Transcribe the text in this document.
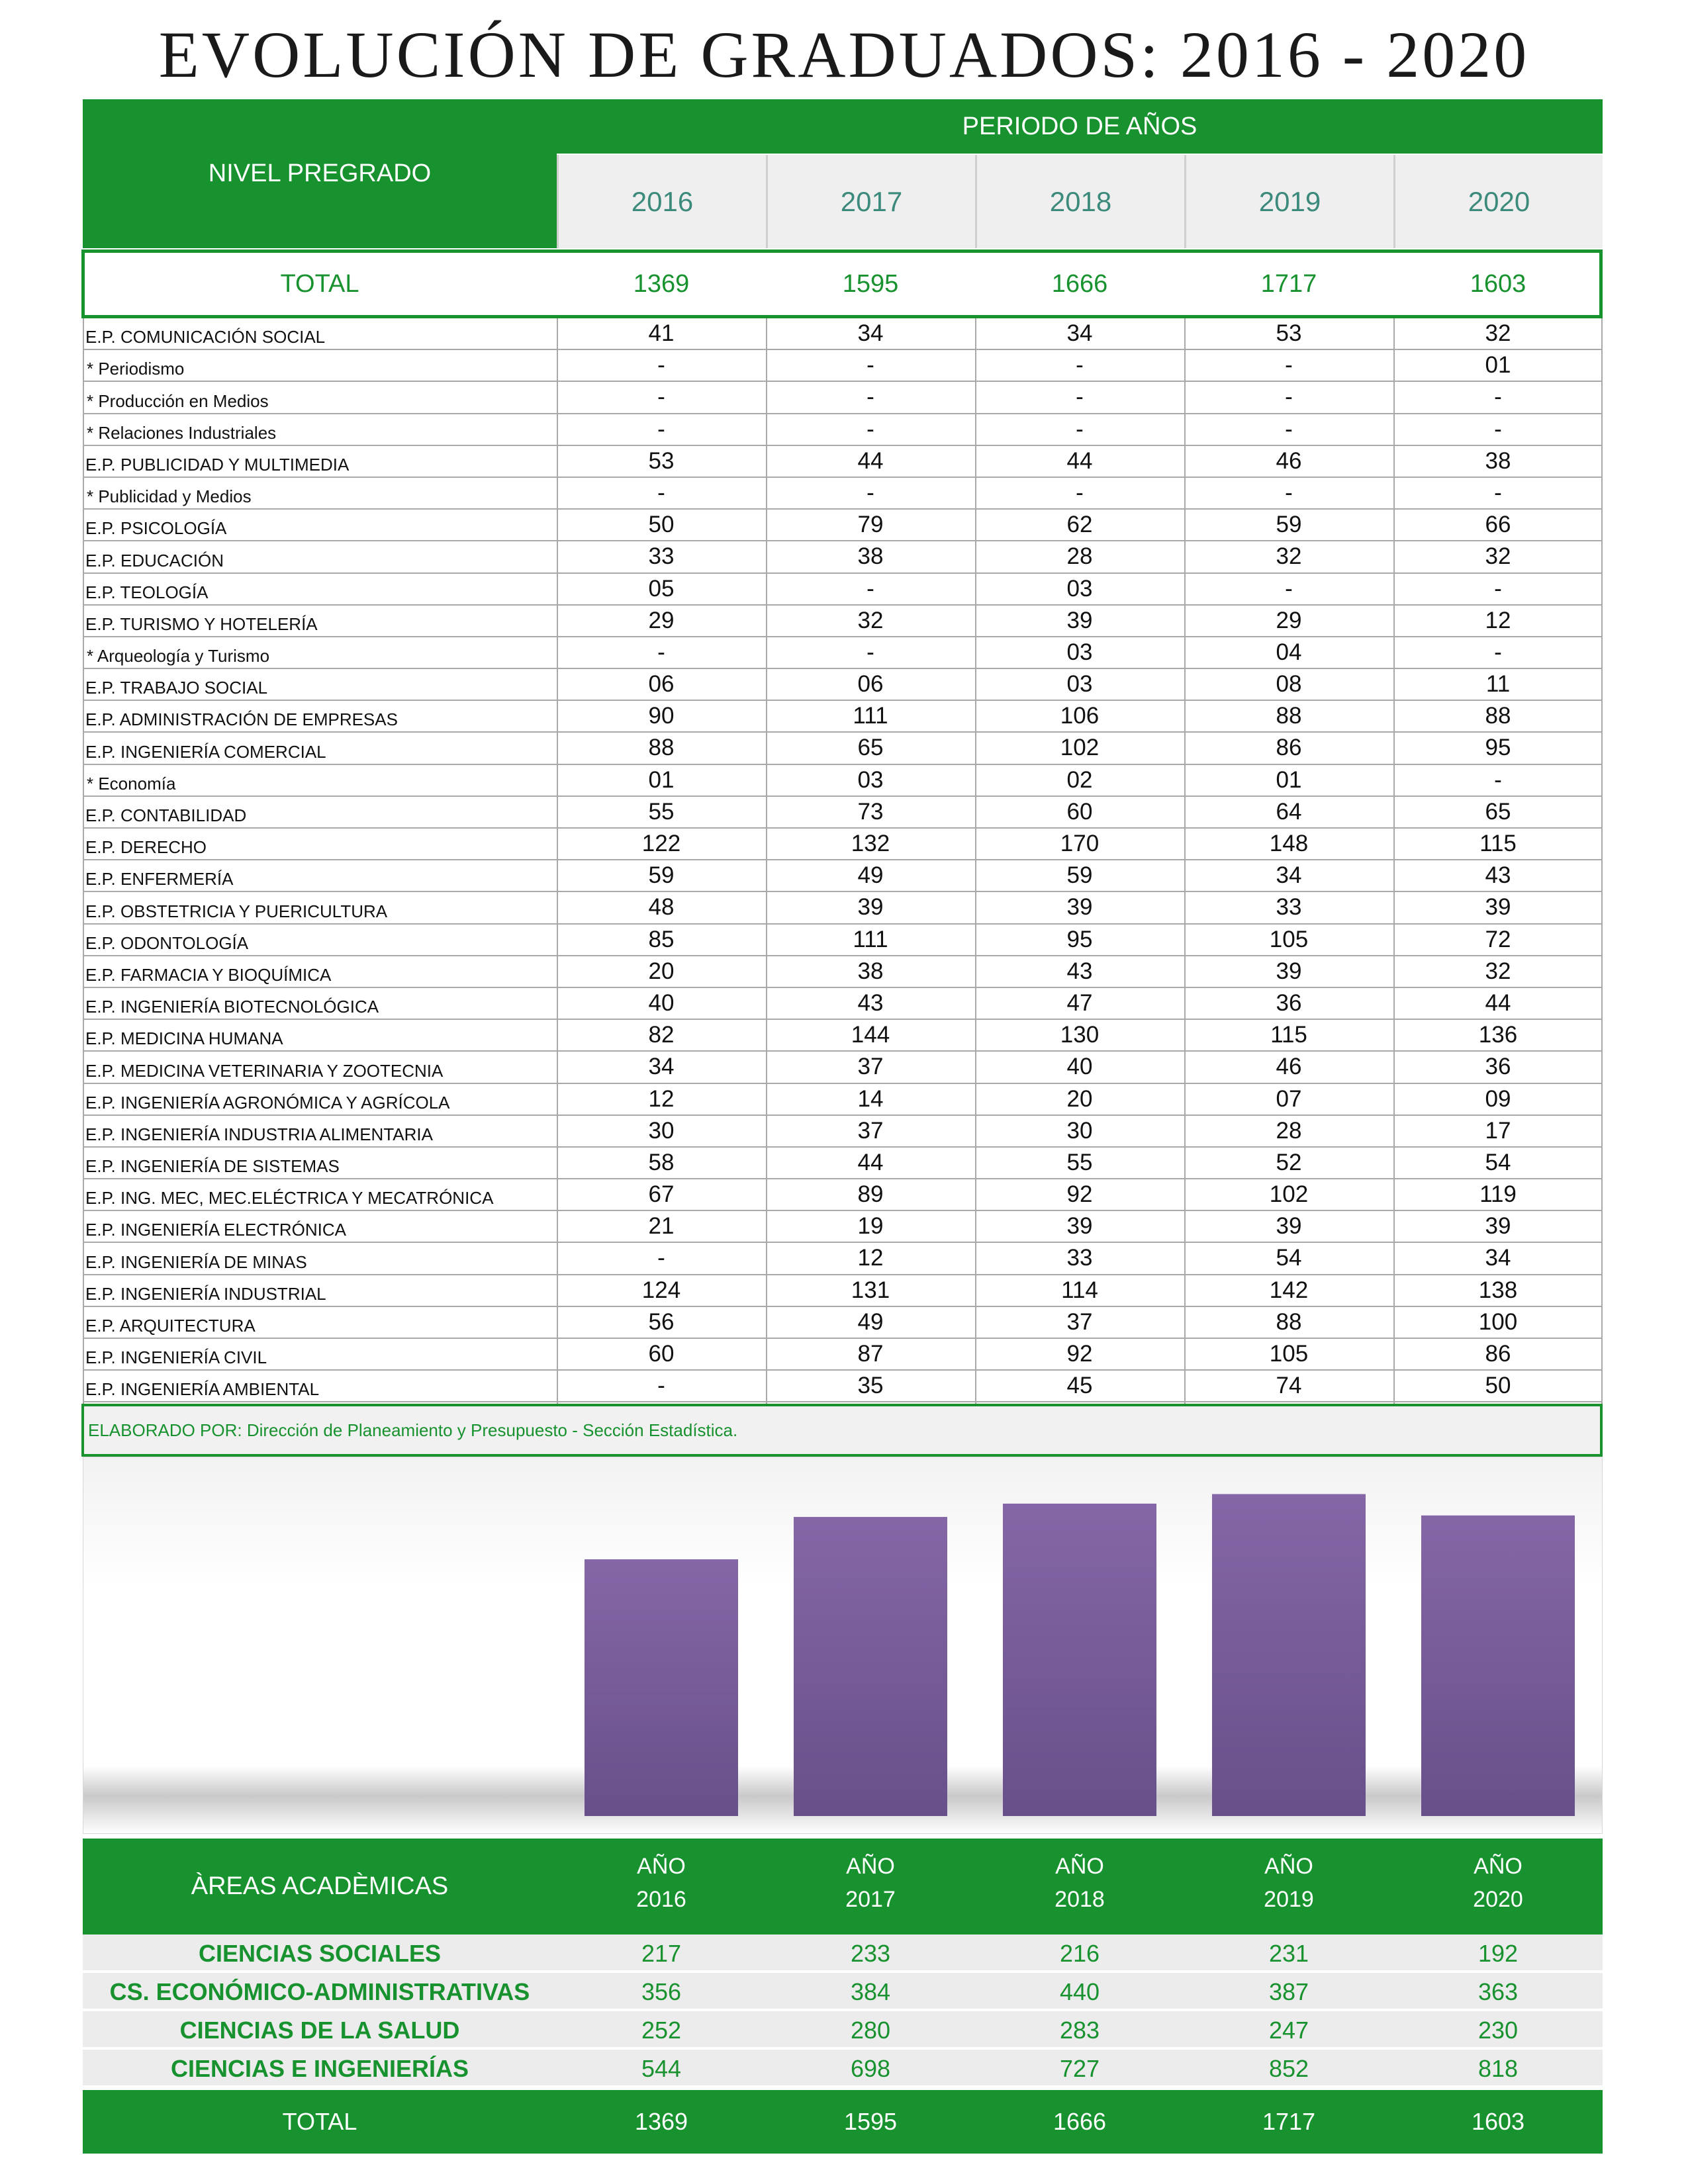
EVOLUCIÓN DE GRADUADOS: 2016 - 2020
NIVEL PREGRADO
PERIODO DE AÑOS
2016	2017	2018	2019	2020
TOTAL	1369	1595	1666	1717	1603
E.P. COMUNICACIÓN SOCIAL	41	34	34	53	32
* Periodismo	-	-	-	-	01
* Producción en Medios	-	-	-	-	-
* Relaciones Industriales	-	-	-	-	-
E.P. PUBLICIDAD Y MULTIMEDIA	53	44	44	46	38
* Publicidad y Medios	-	-	-	-	-
E.P. PSICOLOGÍA	50	79	62	59	66
E.P. EDUCACIÓN	33	38	28	32	32
E.P. TEOLOGÍA	05	-	03	-	-
E.P. TURISMO Y HOTELERÍA	29	32	39	29	12
* Arqueología y Turismo	-	-	03	04	-
E.P. TRABAJO SOCIAL	06	06	03	08	11
E.P. ADMINISTRACIÓN DE EMPRESAS	90	111	106	88	88
E.P. INGENIERÍA COMERCIAL	88	65	102	86	95
* Economía	01	03	02	01	-
E.P. CONTABILIDAD	55	73	60	64	65
E.P. DERECHO	122	132	170	148	115
E.P. ENFERMERÍA	59	49	59	34	43
E.P. OBSTETRICIA Y PUERICULTURA	48	39	39	33	39
E.P. ODONTOLOGÍA	85	111	95	105	72
E.P. FARMACIA Y BIOQUÍMICA	20	38	43	39	32
E.P. INGENIERÍA BIOTECNOLÓGICA	40	43	47	36	44
E.P. MEDICINA HUMANA	82	144	130	115	136
E.P. MEDICINA VETERINARIA Y ZOOTECNIA	34	37	40	46	36
E.P. INGENIERÍA AGRONÓMICA Y AGRÍCOLA	12	14	20	07	09
E.P. INGENIERÍA INDUSTRIA ALIMENTARIA	30	37	30	28	17
E.P. INGENIERÍA DE SISTEMAS	58	44	55	52	54
E.P. ING. MEC, MEC.ELÉCTRICA Y MECATRÓNICA	67	89	92	102	119
E.P. INGENIERÍA ELECTRÓNICA	21	19	39	39	39
E.P. INGENIERÍA DE MINAS	-	12	33	54	34
E.P. INGENIERÍA INDUSTRIAL	124	131	114	142	138
E.P. ARQUITECTURA	56	49	37	88	100
E.P. INGENIERÍA CIVIL	60	87	92	105	86
E.P. INGENIERÍA AMBIENTAL	-	35	45	74	50
ELABORADO POR: Dirección de Planeamiento y Presupuesto - Sección Estadística.
ÀREAS ACADÈMICAS
AÑO
2016
AÑO
2017
AÑO
2018
AÑO
2019
AÑO
2020
CIENCIAS SOCIALES	217	233	216	231	192
CS. ECONÓMICO-ADMINISTRATIVAS	356	384	440	387	363
CIENCIAS DE LA SALUD	252	280	283	247	230
CIENCIAS E INGENIERÍAS	544	698	727	852	818
TOTAL	1369	1595	1666	1717	1603
